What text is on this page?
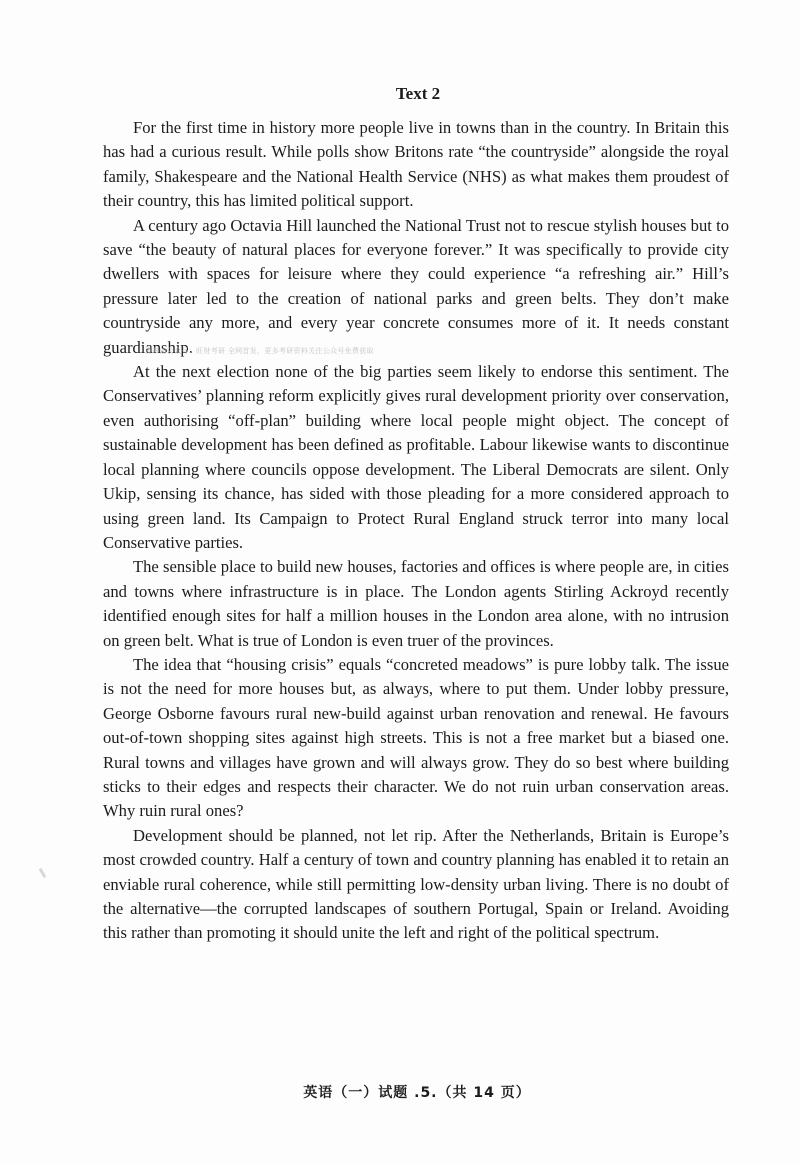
Text 2

For the first time in history more people live in towns than in the country. In Britain this has had a curious result. While polls show Britons rate “the countryside” alongside the royal family, Shakespeare and the National Health Service (NHS) as what makes them proudest of their country, this has limited political support.

A century ago Octavia Hill launched the National Trust not to rescue stylish houses but to save “the beauty of natural places for everyone forever.” It was specifically to provide city dwellers with spaces for leisure where they could experience “a refreshing air.” Hill’s pressure later led to the creation of national parks and green belts. They don’t make countryside any more, and every year concrete consumes more of it. It needs constant guardianship.

At the next election none of the big parties seem likely to endorse this sentiment. The Conservatives’ planning reform explicitly gives rural development priority over conservation, even authorising “off-plan” building where local people might object. The concept of sustainable development has been defined as profitable. Labour likewise wants to discontinue local planning where councils oppose development. The Liberal Democrats are silent. Only Ukip, sensing its chance, has sided with those pleading for a more considered approach to using green land. Its Campaign to Protect Rural England struck terror into many local Conservative parties.

The sensible place to build new houses, factories and offices is where people are, in cities and towns where infrastructure is in place. The London agents Stirling Ackroyd recently identified enough sites for half a million houses in the London area alone, with no intrusion on green belt. What is true of London is even truer of the provinces.

The idea that “housing crisis” equals “concreted meadows” is pure lobby talk. The issue is not the need for more houses but, as always, where to put them. Under lobby pressure, George Osborne favours rural new-build against urban renovation and renewal. He favours out-of-town shopping sites against high streets. This is not a free market but a biased one. Rural towns and villages have grown and will always grow. They do so best where building sticks to their edges and respects their character. We do not ruin urban conservation areas. Why ruin rural ones?

Development should be planned, not let rip. After the Netherlands, Britain is Europe’s most crowded country. Half a century of town and country planning has enabled it to retain an enviable rural coherence, while still permitting low-density urban living. There is no doubt of the alternative—the corrupted landscapes of southern Portugal, Spain or Ireland. Avoiding this rather than promoting it should unite the left and right of the political spectrum.

资料由公众号：旺财考研 全网首发，更多考研资料关注公众号免费获取
英语（一）试题 .5.（共 14 页）
